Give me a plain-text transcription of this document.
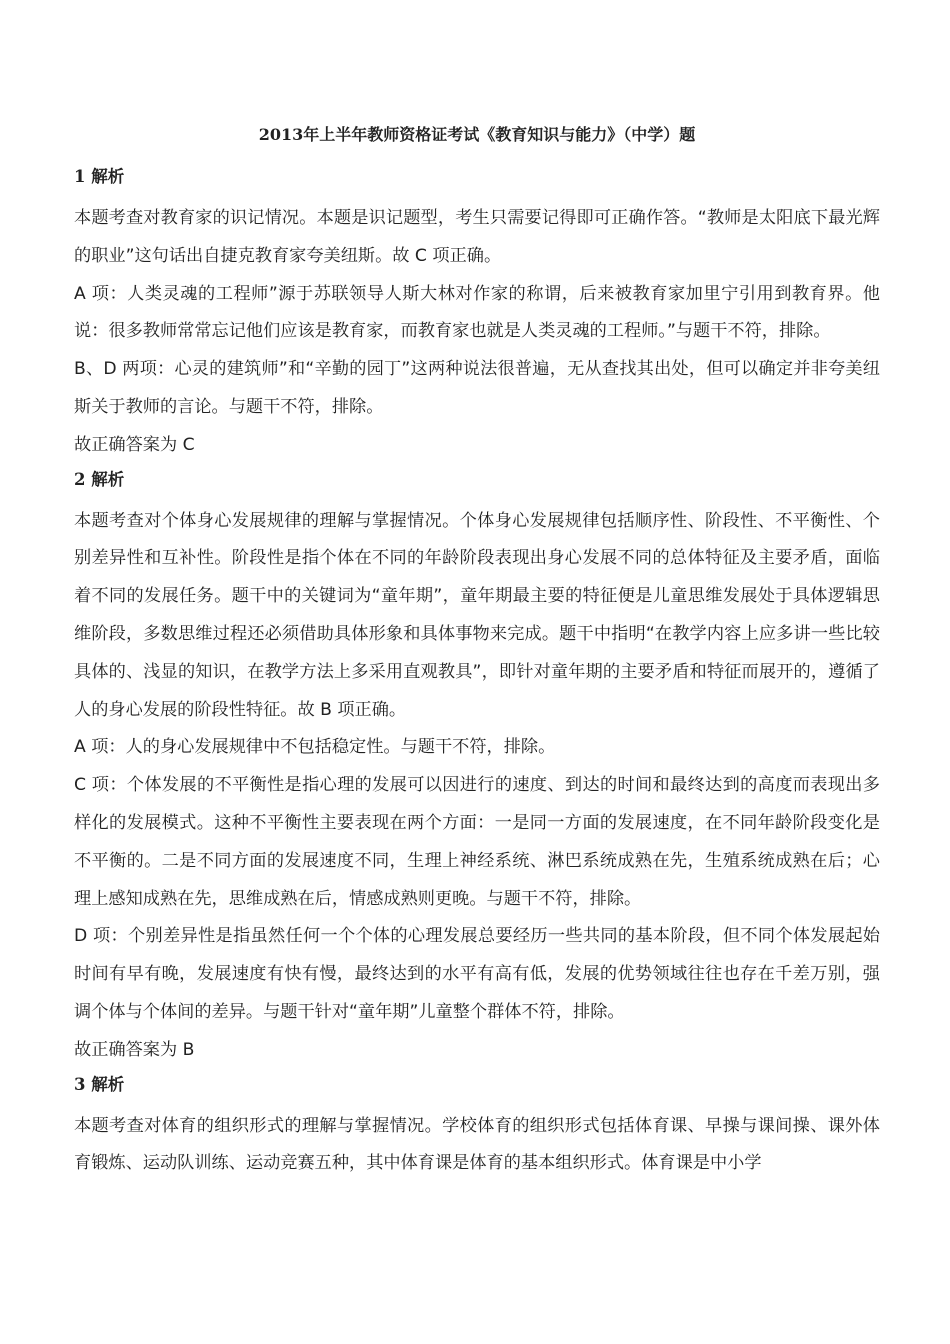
2013年上半年教师资格证考试《教育知识与能力》（中学）题
1 解析

本题考查对教育家的识记情况。本题是识记题型，考生只需要记得即可正确作答。“教师是太阳底下最光辉的职业”这句话出自捷克教育家夸美纽斯。故 C 项正确。

A 项：人类灵魂的工程师”源于苏联领导人斯大林对作家的称谓，后来被教育家加里宁引用到教育界。他说：很多教师常常忘记他们应该是教育家，而教育家也就是人类灵魂的工程师。”与题干不符，排除。

B、D 两项：心灵的建筑师”和“辛勤的园丁”这两种说法很普遍，无从查找其出处，但可以确定并非夸美纽斯关于教师的言论。与题干不符，排除。

故正确答案为 C

2 解析

本题考查对个体身心发展规律的理解与掌握情况。个体身心发展规律包括顺序性、阶段性、不平衡性、个别差异性和互补性。阶段性是指个体在不同的年龄阶段表现出身心发展不同的总体特征及主要矛盾，面临着不同的发展任务。题干中的关键词为“童年期”，童年期最主要的特征便是儿童思维发展处于具体逻辑思维阶段，多数思维过程还必须借助具体形象和具体事物来完成。题干中指明“在教学内容上应多讲一些比较具体的、浅显的知识，在教学方法上多采用直观教具”，即针对童年期的主要矛盾和特征而展开的，遵循了人的身心发展的阶段性特征。故 B 项正确。

A 项：人的身心发展规律中不包括稳定性。与题干不符，排除。

C 项：个体发展的不平衡性是指心理的发展可以因进行的速度、到达的时间和最终达到的高度而表现出多样化的发展模式。这种不平衡性主要表现在两个方面：一是同一方面的发展速度，在不同年龄阶段变化是不平衡的。二是不同方面的发展速度不同，生理上神经系统、淋巴系统成熟在先，生殖系统成熟在后；心理上感知成熟在先，思维成熟在后，情感成熟则更晚。与题干不符，排除。

D 项：个别差异性是指虽然任何一个个体的心理发展总要经历一些共同的基本阶段，但不同个体发展起始时间有早有晚，发展速度有快有慢，最终达到的水平有高有低，发展的优势领域往往也存在千差万别，强调个体与个体间的差异。与题干针对“童年期”儿童整个群体不符，排除。

故正确答案为 B

3 解析

本题考查对体育的组织形式的理解与掌握情况。学校体育的组织形式包括体育课、早操与课间操、课外体育锻炼、运动队训练、运动竞赛五种，其中体育课是体育的基本组织形式。体育课是中小学
